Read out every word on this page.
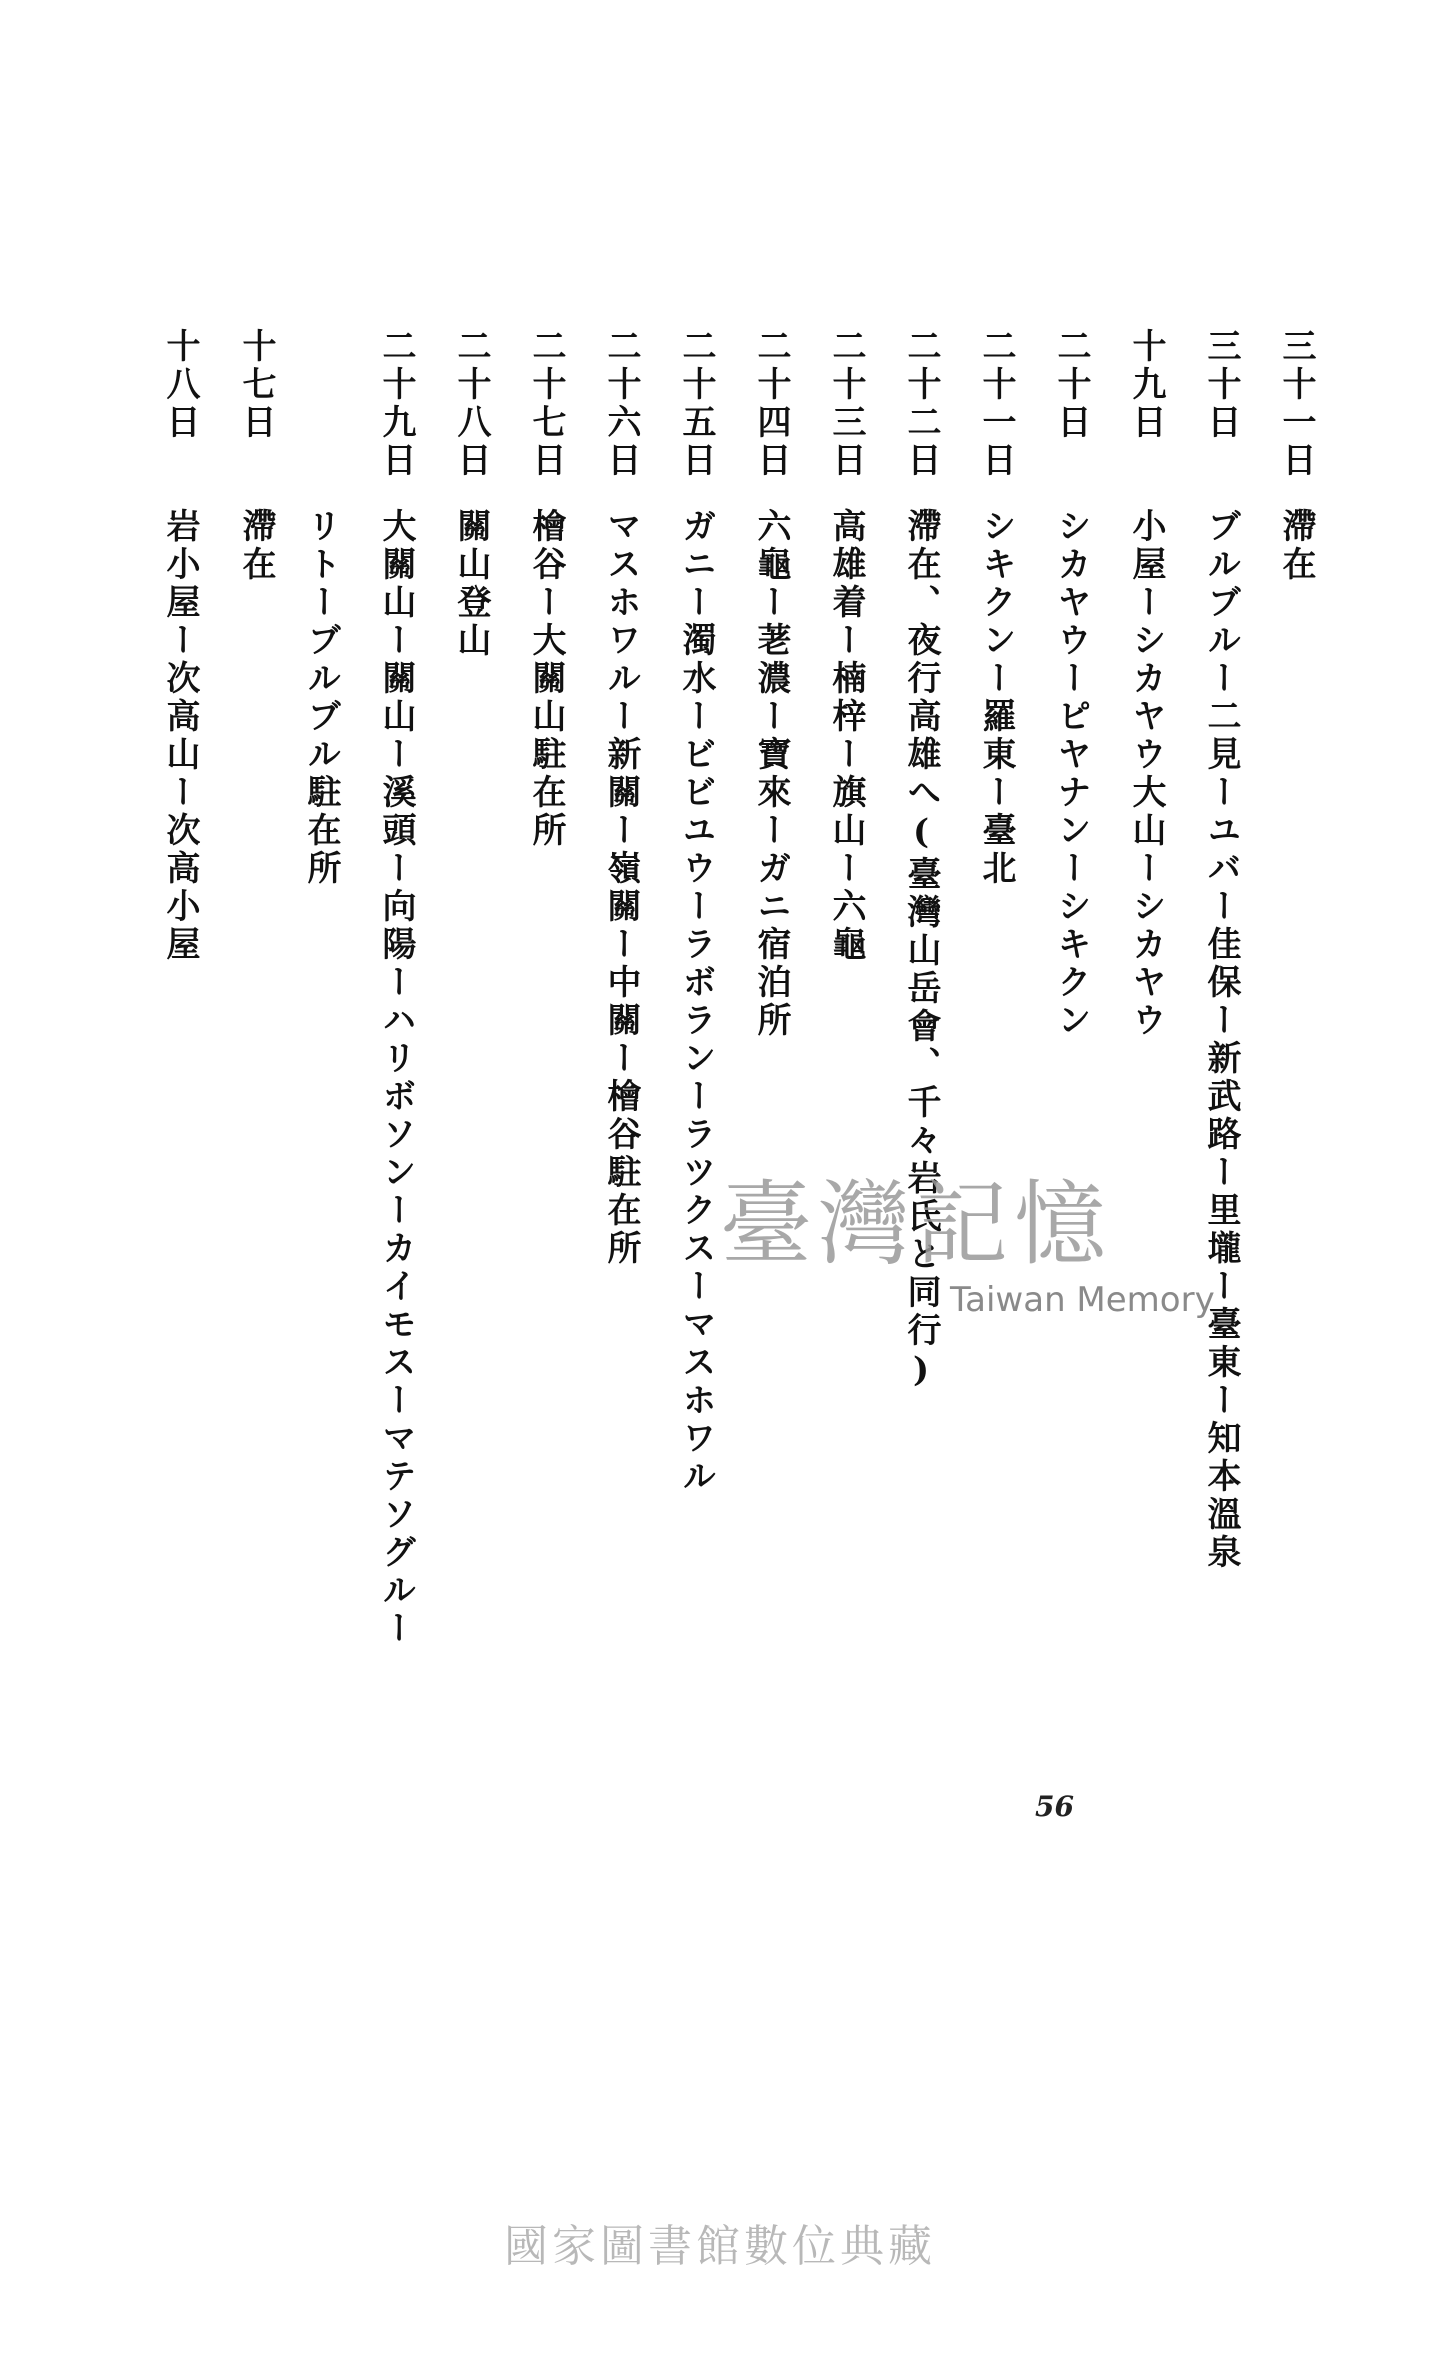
十七日
滯在
十八日
岩小屋ー次高山ー次高小屋
十九日
小屋ーシカヤウ大山ーシカヤウ
二十日
シカヤウーピヤナンーシキクン
二十一日
シキクンー羅東ー臺北
二十二日
滯在、夜行高雄へ(臺灣山岳會、千々岩氏と同行)
二十三日
高雄着ー楠梓ー旗山ー六龜
二十四日
六龜ー荖濃ー寶來ーガニ宿泊所
二十五日
ガニー濁水ービビユウーラボランーラツクスーマスホワル
二十六日
マスホワルー新關ー嶺關ー中關ー檜谷駐在所
二十七日
檜谷ー大關山駐在所
二十八日
關山登山
二十九日
大關山ー關山ー溪頭ー向陽ーハリボソンーカイモスーマテソグルー
リトーブルブル駐在所
三十日
ブルブルー二見ーユバー佳保ー新武路ー里壠ー臺東ー知本溫泉
三十一日
滯在
56
臺灣記憶
Taiwan Memory
國家圖書館數位典藏
